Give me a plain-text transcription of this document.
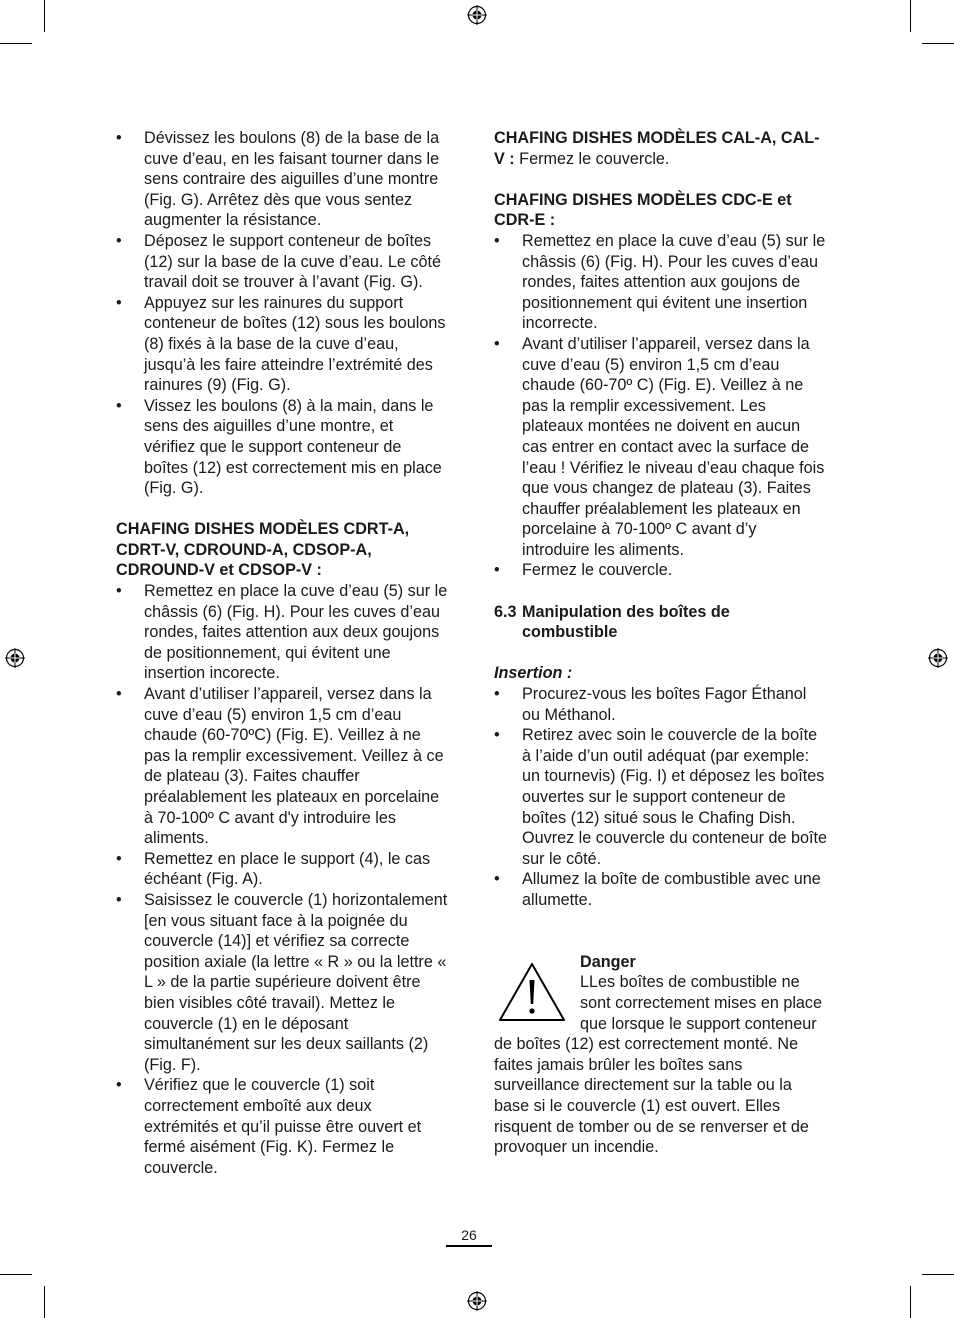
• Dévissez les boulons (8) de la base de la cuve d’eau, en les faisant tourner dans le sens contraire des aiguilles d’une montre (Fig. G). Arrêtez dès que vous sentez augmenter la résistance.
• Déposez le support conteneur de boîtes (12) sur la base de la cuve d’eau. Le côté travail doit se trouver à l’avant (Fig. G).
• Appuyez sur les rainures du support conteneur de boîtes (12) sous les boulons (8) fixés à la base de la cuve d’eau, jusqu’à les faire atteindre l’extrémité des rainures (9) (Fig. G).
• Vissez les boulons (8) à la main, dans le sens des aiguilles d’une montre, et vérifiez que le support conteneur de boîtes (12) est correctement mis en place (Fig. G).

CHAFING DISHES MODÈLES CDRT-A, CDRT-V, CDROUND-A, CDSOP-A, CDROUND-V et CDSOP-V :

• Remettez en place la cuve d’eau (5) sur le châssis (6) (Fig. H). Pour les cuves d’eau rondes, faites attention aux deux goujons de positionnement, qui évitent une insertion incorecte.
• Avant d’utiliser l’appareil, versez dans la cuve d’eau (5) environ 1,5 cm d’eau chaude (60-70ºC) (Fig. E). Veillez à ne pas la remplir excessivement. Veillez à ce de plateau (3). Faites chauffer préalablement les plateaux en porcelaine à 70-100º C avant d'y introduire les aliments.
• Remettez en place le support (4), le cas échéant (Fig. A).
• Saisissez le couvercle (1) horizontalement [en vous situant face à la poignée du couvercle (14)] et vérifiez sa correcte position axiale (la lettre « R » ou la lettre « L » de la partie supérieure doivent être bien visibles côté travail). Mettez le couvercle (1) en le déposant simultanément sur les deux saillants (2) (Fig. F).
• Vérifiez que le couvercle (1) soit correctement emboîté aux deux extrémités et qu’il puisse être ouvert et fermé aisément (Fig. K). Fermez le couvercle.

CHAFING DISHES MODÈLES CAL-A, CAL-V : Fermez le couvercle.

CHAFING DISHES MODÈLES CDC-E et CDR-E :

• Remettez en place la cuve d’eau (5) sur le châssis (6) (Fig. H). Pour les cuves d’eau rondes, faites attention aux goujons de positionnement qui évitent une insertion incorrecte.
• Avant d’utiliser l’appareil, versez dans la cuve d’eau (5) environ 1,5 cm d’eau chaude (60-70º C) (Fig. E). Veillez à ne pas la remplir excessivement. Les plateaux montées ne doivent en aucun cas entrer en contact avec la surface de l’eau ! Vérifiez le niveau d’eau chaque fois que vous changez de plateau (3). Faites chauffer préalablement les plateaux en porcelaine à 70-100º C avant d’y introduire les aliments.
• Fermez le couvercle.
6.3 Manipulation des boîtes de combustible

Insertion :

• Procurez-vous les boîtes Fagor Éthanol ou Méthanol.
• Retirez avec soin le couvercle de la boîte à l’aide d’un outil adéquat (par exemple: un tournevis) (Fig. I) et déposez les boîtes ouvertes sur le support conteneur de boîtes (12) situé sous le Chafing Dish. Ouvrez le couvercle du conteneur de boîte sur le côté.
• Allumez la boîte de combustible avec une allumette.
Danger
LLes boîtes de combustible ne sont correctement mises en place que lorsque le support conteneur de boîtes (12) est correctement monté. Ne faites jamais brûler les boîtes sans surveillance directement sur la table ou la base si le couvercle (1) est ouvert. Elles risquent de tomber ou de se renverser et de provoquer un incendie.
26
